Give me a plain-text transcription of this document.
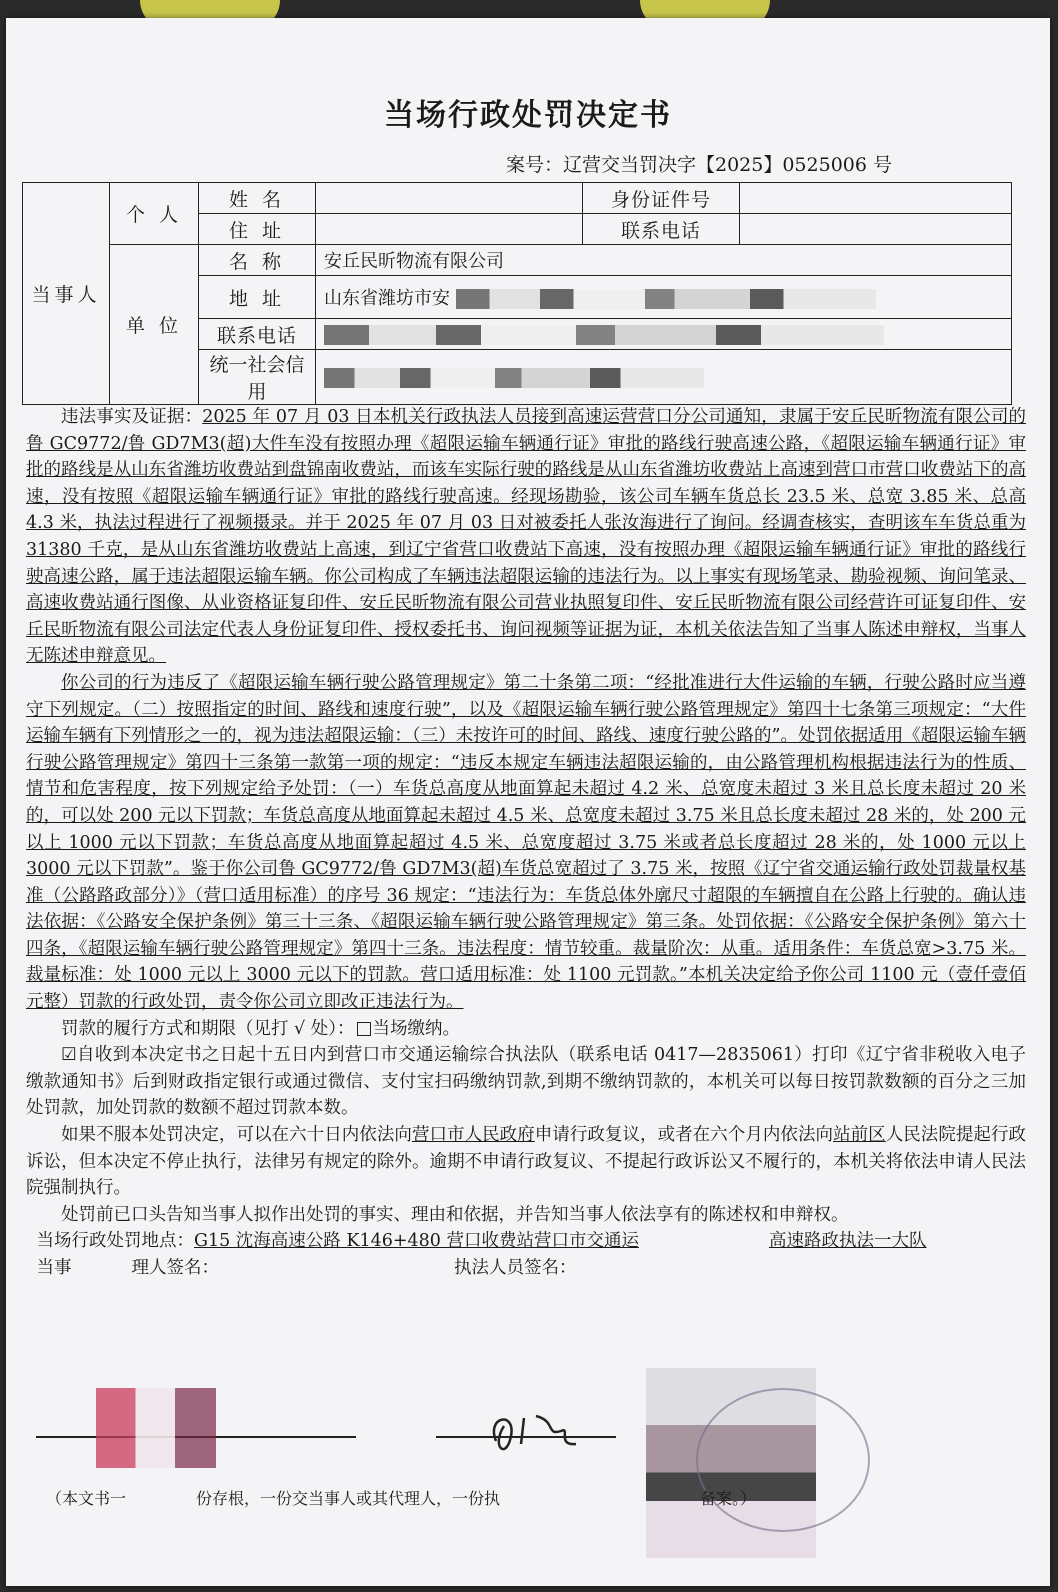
当场行政处罚决定书
案号：辽营交当罚决字【2025】0525006 号
当事人	个 人	姓 名		身份证件号	
		住 址		联系电话	
	单 位	名 称	安丘民昕物流有限公司		
		地 址	山东省潍坊市安		
		联系电话			
		统一社会信用			

违法事实及证据：2025 年 07 月 03 日本机关行政执法人员接到高速运营营口分公司通知，隶属于安丘民昕物流有限公司的鲁 GC9772/鲁 GD7M3(超)大件车没有按照办理《超限运输车辆通行证》审批的路线行驶高速公路，《超限运输车辆通行证》审批的路线是从山东省潍坊收费站到盘锦南收费站，而该车实际行驶的路线是从山东省潍坊收费站上高速到营口市营口收费站下的高速，没有按照《超限运输车辆通行证》审批的路线行驶高速。经现场勘验，该公司车辆车货总长 23.5 米、总宽 3.85 米、总高 4.3 米，执法过程进行了视频摄录。并于 2025 年 07 月 03 日对被委托人张汝海进行了询问。经调查核实，查明该车车货总重为 31380 千克，是从山东省潍坊收费站上高速，到辽宁省营口收费站下高速，没有按照办理《超限运输车辆通行证》审批的路线行驶高速公路，属于违法超限运输车辆。你公司构成了车辆违法超限运输的违法行为。以上事实有现场笔录、勘验视频、询问笔录、高速收费站通行图像、从业资格证复印件、安丘民昕物流有限公司营业执照复印件、安丘民昕物流有限公司经营许可证复印件、安丘民昕物流有限公司法定代表人身份证复印件、授权委托书、询问视频等证据为证，本机关依法告知了当事人陈述申辩权，当事人无陈述申辩意见。

你公司的行为违反了《超限运输车辆行驶公路管理规定》第二十条第二项：“经批准进行大件运输的车辆，行驶公路时应当遵守下列规定。（二）按照指定的时间、路线和速度行驶”，以及《超限运输车辆行驶公路管理规定》第四十七条第三项规定：“大件运输车辆有下列情形之一的，视为违法超限运输：（三）未按许可的时间、路线、速度行驶公路的”。处罚依据适用《超限运输车辆行驶公路管理规定》第四十三条第一款第一项的规定：“违反本规定车辆违法超限运输的，由公路管理机构根据违法行为的性质、情节和危害程度，按下列规定给予处罚：（一）车货总高度从地面算起未超过 4.2 米、总宽度未超过 3 米且总长度未超过 20 米的，可以处 200 元以下罚款；车货总高度从地面算起未超过 4.5 米、总宽度未超过 3.75 米且总长度未超过 28 米的，处 200 元以上 1000 元以下罚款；车货总高度从地面算起超过 4.5 米、总宽度超过 3.75 米或者总长度超过 28 米的，处 1000 元以上 3000 元以下罚款”。鉴于你公司鲁 GC9772/鲁 GD7M3(超)车货总宽超过了 3.75 米，按照《辽宁省交通运输行政处罚裁量权基准（公路路政部分）》（营口适用标准）的序号 36 规定：“违法行为：车货总体外廓尺寸超限的车辆擅自在公路上行驶的。确认违法依据：《公路安全保护条例》第三十三条、《超限运输车辆行驶公路管理规定》第三条。处罚依据：《公路安全保护条例》第六十四条，《超限运输车辆行驶公路管理规定》第四十三条。违法程度：情节较重。裁量阶次：从重。适用条件：车货总宽>3.75 米。裁量标准：处 1000 元以上 3000 元以下的罚款。营口适用标准：处 1100 元罚款。”本机关决定给予你公司 1100 元（壹仟壹佰元整）罚款的行政处罚，责令你公司立即改正违法行为。

罚款的履行方式和期限（见打 √ 处）： 当场缴纳。

☑自收到本决定书之日起十五日内到营口市交通运输综合执法队（联系电话 0417—2835061）打印《辽宁省非税收入电子缴款通知书》后到财政指定银行或通过微信、支付宝扫码缴纳罚款,到期不缴纳罚款的，本机关可以每日按罚款数额的百分之三加处罚款，加处罚款的数额不超过罚款本数。

如果不服本处罚决定，可以在六十日内依法向营口市人民政府申请行政复议，或者在六个月内依法向站前区人民法院提起行政诉讼，但本决定不停止执行，法律另有规定的除外。逾期不申请行政复议、不提起行政诉讼又不履行的，本机关将依法申请人民法院强制执行。

处罚前已口头告知当事人拟作出处罚的事实、理由和依据，并告知当事人依法享有的陈述权和申辩权。

当场行政处罚地点：G15 沈海高速公路 K146+480 营口收费站营口市交通运	高速路政执法一大队

当事	理人签名：	执法人员签名：

（本文书一	份存根，一份交当事人或其代理人，一份执	备案。）
